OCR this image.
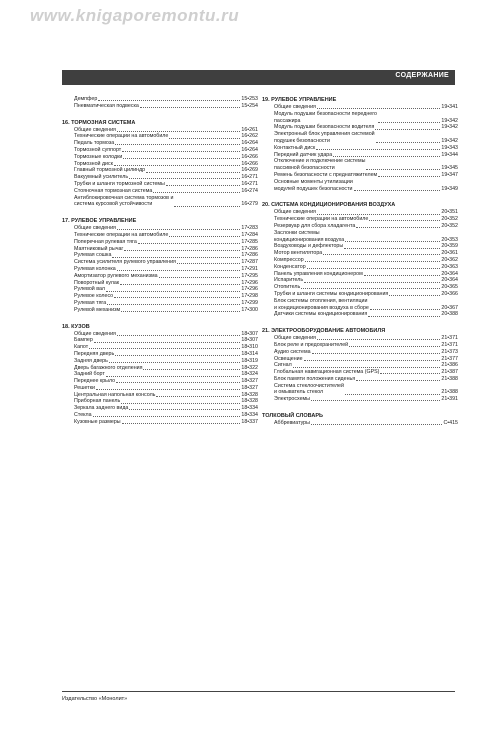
www.knigaporemontu.ru
СОДЕРЖАНИЕ
Демпфер	15•253
Пневматическая подвеска	15•254
16. ТОРМОЗНАЯ СИСТЕМА
Общие сведения	16•261
Технические операции на автомобиле	16•262
Педаль тормоза	16•264
Тормозной суппорт	16•264
Тормозные колодки	16•266
Тормозной диск	16•266
Главный тормозной цилиндр	16•269
Вакуумный усилитель	16•271
Трубки и шланги тормозной системы	16•271
Стояночная тормозная система	16•274
Антиблокировочная система тормозов и
система курсовой устойчивости	16•279
17. РУЛЕВОЕ УПРАВЛЕНИЕ
Общие сведения	17•283
Технические операции на автомобиле	17•284
Поперечная рулевая тяга	17•285
Маятниковый рычаг	17•286
Рулевая сошка	17•286
Система усилителя рулевого управления	17•287
Рулевая колонка	17•291
Амортизатор рулевого механизма	17•295
Поворотный кулак	17•296
Рулевой вал	17•296
Рулевое колесо	17•298
Рулевая тяга	17•299
Рулевой механизм	17•300
18. КУЗОВ
Общие сведения	18•307
Бампер	18•307
Капот	18•310
Передняя дверь	18•314
Задняя дверь	18•319
Дверь багажного отделения	18•322
Задний борт	18•324
Переднее крыло	18•327
Решетки	18•327
Центральная напольная консоль	18•328
Приборная панель	18•328
Зеркала заднего вида	18•334
Стекла	18•334
Кузовные размеры	18•337
19. РУЛЕВОЕ УПРАВЛЕНИЕ
Общие сведения	19•341
Модуль подушки безопасности переднего
пассажира	19•342
Модуль подушки безопасности водителя	19•342
Электронный блок управления системой
подушек безопасности	19•342
Контактный диск	19•343
Передний датчик удара	19•344
Отключение и подключение системы
пассивной безопасности	19•345
Ремень безопасности с преднатяжителем	19•347
Основные моменты утилизации
модулей подушек безопасности	19•349
20. СИСТЕМА КОНДИЦИОНИРОВАНИЯ ВОЗДУХА
Общие сведения	20•351
Технические операции на автомобиле	20•352
Резервуар для сбора хладагента	20•352
Заслонки системы
кондиционирования воздуха	20•353
Воздуховоды и дефлекторы	20•359
Мотор вентилятора	20•361
Компрессор	20•362
Конденсатор	20•363
Панель управления кондиционером	20•364
Испаритель	20•364
Отопитель	20•365
Трубки и шланги системы кондиционирования	20•366
Блок системы отопления, вентиляции
и кондиционирования воздуха в сборе	20•367
Датчики системы кондиционирования	20•388
21. ЭЛЕКТРООБОРУДОВАНИЕ АВТОМОБИЛЯ
Общие сведения	21•371
Блок реле и предохранителей	21•371
Аудио система	21•373
Освещение	21•377
Сигнал	21•386
Глобальная навигационная система (GPS)	21•387
Блок памяти положения сиденья	21•388
Система стеклоочистителей
и омыватель стекол	21•388
Электросхемы	21•391
ТОЛКОВЫЙ СЛОВАРЬ
Аббревиатуры	С•415
Издательство «Монолит»
